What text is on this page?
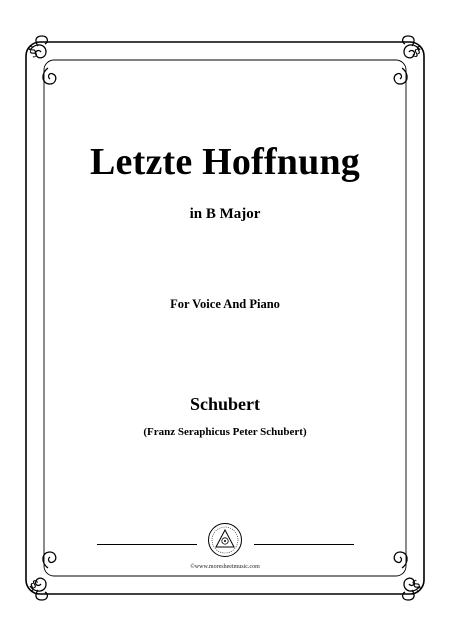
§	§
§	§
Letzte Hoffnung
in B Major
For Voice And Piano
Schubert
(Franz Seraphicus Peter Schubert)
©www.moresheetmusic.com
